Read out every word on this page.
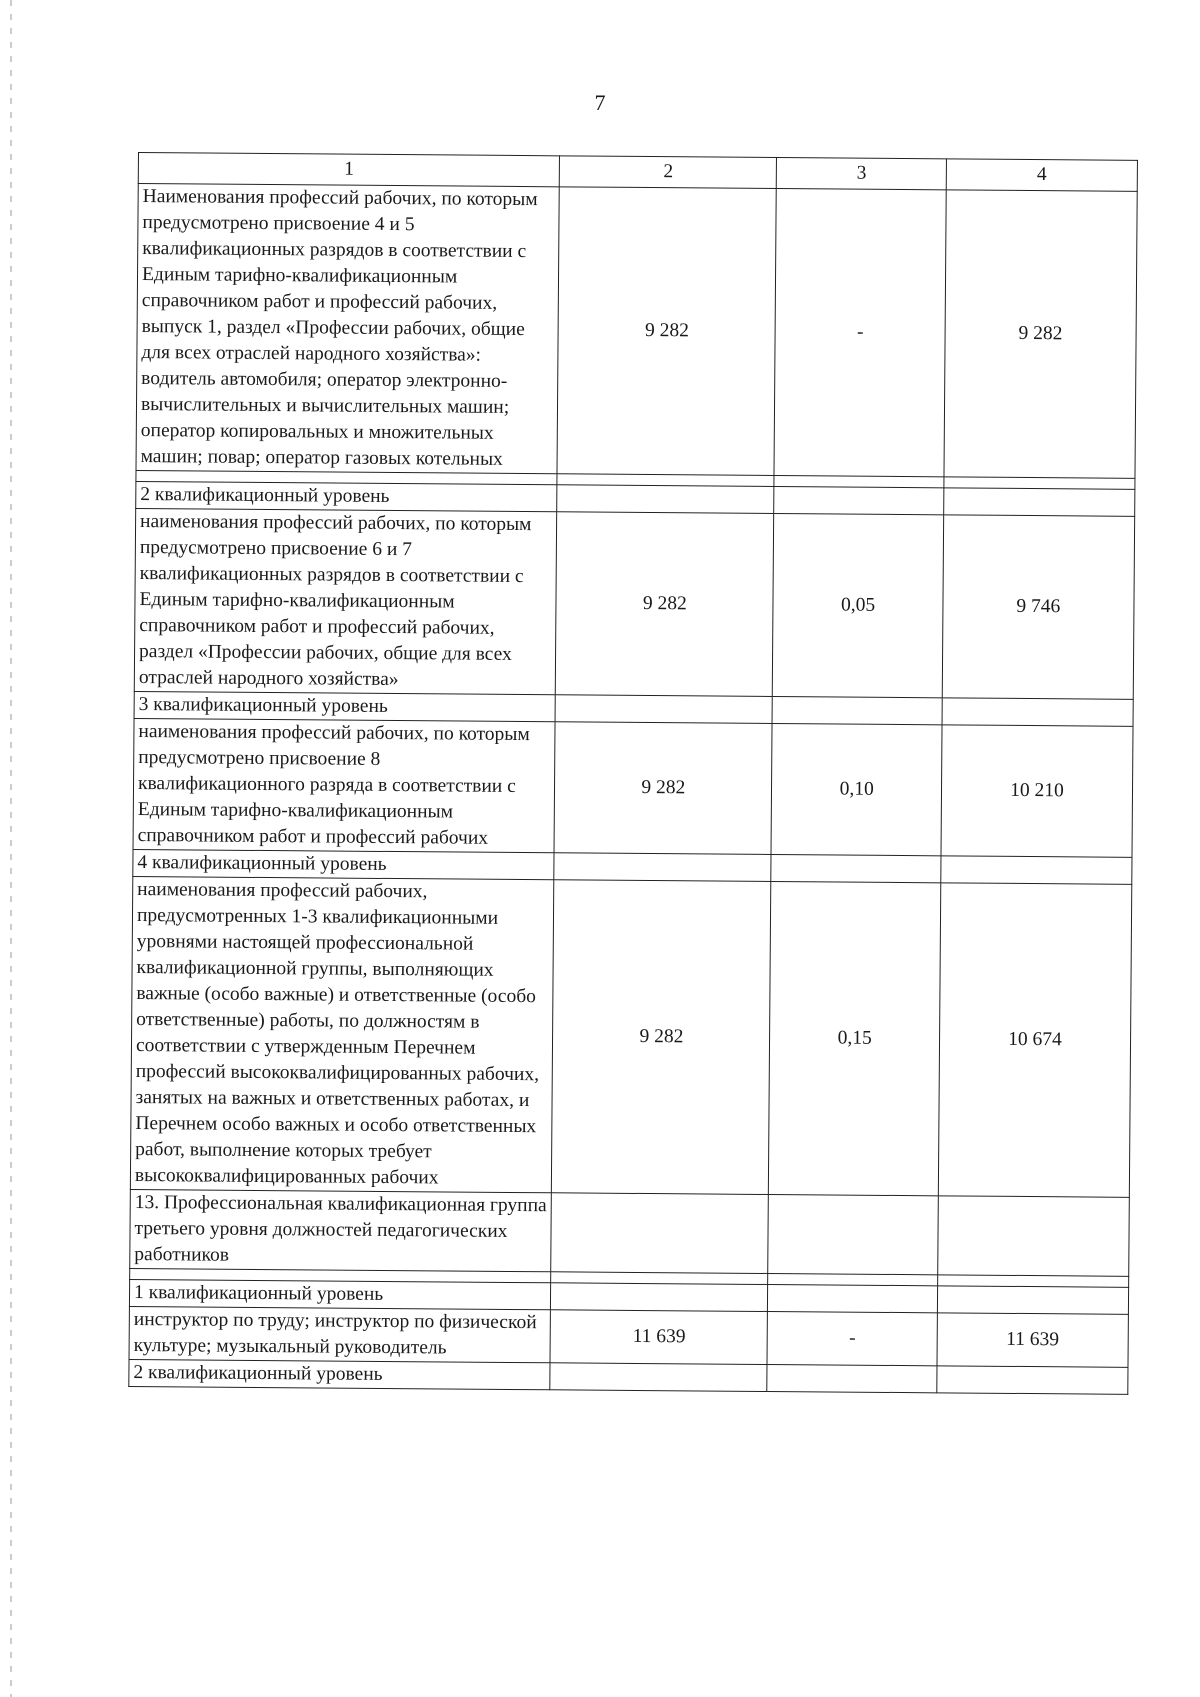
7
1	2	3	4
Наименования профессий рабочих, по которым предусмотрено присвоение 4 и 5 квалификационных разрядов в соответствии с Единым тарифно-квалификационным справочником работ и профессий рабочих, выпуск 1, раздел «Профессии рабочих, общие для всех отраслей народного хозяйства»: водитель автомобиля; оператор электронно-вычислительных и вычислительных машин; оператор копировальных и множительных машин; повар; оператор газовых котельных	9 282	-	9 282

2 квалификационный уровень			
наименования профессий рабочих, по которым предусмотрено присвоение 6 и 7 квалификационных разрядов в соответствии с Единым тарифно-квалификационным справочником работ и профессий рабочих, раздел «Профессии рабочих, общие для всех отраслей народного хозяйства»	9 282	0,05	9 746
3 квалификационный уровень			
наименования профессий рабочих, по которым предусмотрено присвоение 8 квалификационного разряда в соответствии с Единым тарифно-квалификационным справочником работ и профессий рабочих	9 282	0,10	10 210
4 квалификационный уровень			
наименования профессий рабочих, предусмотренных 1-3 квалификационными уровнями настоящей профессиональной квалификационной группы, выполняющих важные (особо важные) и ответственные (особо ответственные) работы, по должностям в соответствии с утвержденным Перечнем профессий высококвалифицированных рабочих, занятых на важных и ответственных работах, и Перечнем особо важных и особо ответственных работ, выполнение которых требует высококвалифицированных рабочих	9 282	0,15	10 674
13. Профессиональная квалификационная группа третьего уровня должностей педагогических работников			

1 квалификационный уровень			
инструктор по труду; инструктор по физической культуре; музыкальный руководитель	11 639	-	11 639
2 квалификационный уровень			
